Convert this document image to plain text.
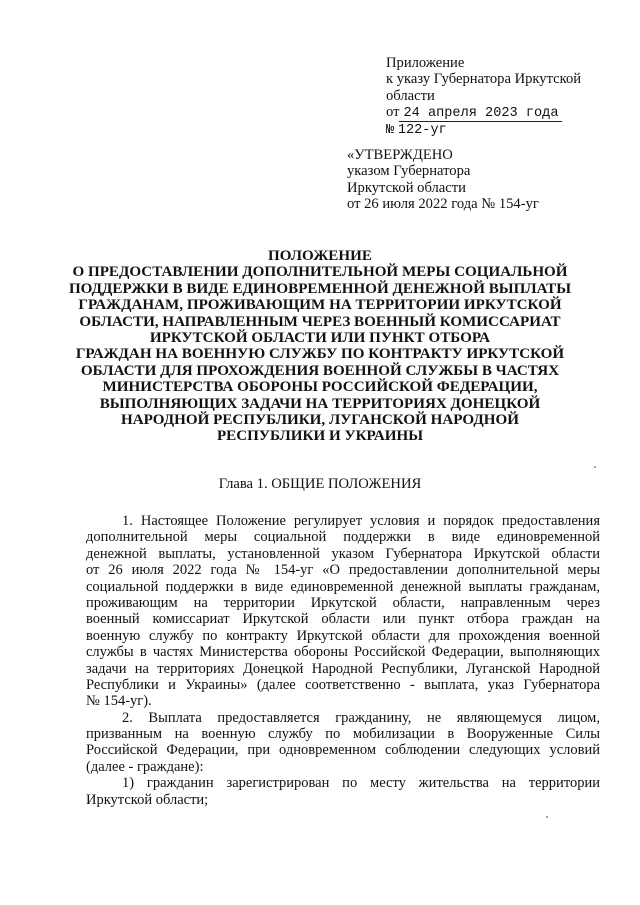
Приложение
к указу Губернатора Иркутской
области
от 24 апреля 2023 года
№ 122-уг
«УТВЕРЖДЕНО
указом Губернатора
Иркутской области
от 26 июля 2022 года № 154-уг
ПОЛОЖЕНИЕ
О ПРЕДОСТАВЛЕНИИ ДОПОЛНИТЕЛЬНОЙ МЕРЫ СОЦИАЛЬНОЙ
ПОДДЕРЖКИ В ВИДЕ ЕДИНОВРЕМЕННОЙ ДЕНЕЖНОЙ ВЫПЛАТЫ
ГРАЖДАНАМ, ПРОЖИВАЮЩИМ НА ТЕРРИТОРИИ ИРКУТСКОЙ
ОБЛАСТИ, НАПРАВЛЕННЫМ ЧЕРЕЗ ВОЕННЫЙ КОМИССАРИАТ
ИРКУТСКОЙ ОБЛАСТИ ИЛИ ПУНКТ ОТБОРА
ГРАЖДАН НА ВОЕННУЮ СЛУЖБУ ПО КОНТРАКТУ ИРКУТСКОЙ
ОБЛАСТИ ДЛЯ ПРОХОЖДЕНИЯ ВОЕННОЙ СЛУЖБЫ В ЧАСТЯХ
МИНИСТЕРСТВА ОБОРОНЫ РОССИЙСКОЙ ФЕДЕРАЦИИ,
ВЫПОЛНЯЮЩИХ ЗАДАЧИ НА ТЕРРИТОРИЯХ ДОНЕЦКОЙ
НАРОДНОЙ РЕСПУБЛИКИ, ЛУГАНСКОЙ НАРОДНОЙ
РЕСПУБЛИКИ И УКРАИНЫ
Глава 1. ОБЩИЕ ПОЛОЖЕНИЯ
1. Настоящее Положение регулирует условия и порядок предоставления
дополнительной меры социальной поддержки в виде единовременной
денежной выплаты, установленной указом Губернатора Иркутской области
от 26 июля 2022 года № 154-уг «О предоставлении дополнительной меры
социальной поддержки в виде единовременной денежной выплаты гражданам,
проживающим на территории Иркутской области, направленным через
военный комиссариат Иркутской области или пункт отбора граждан на
военную службу по контракту Иркутской области для прохождения военной
службы в частях Министерства обороны Российской Федерации, выполняющих
задачи на территориях Донецкой Народной Республики, Луганской Народной
Республики и Украины» (далее соответственно - выплата, указ Губернатора
№ 154-уг).
2. Выплата предоставляется гражданину, не являющемуся лицом,
призванным на военную службу по мобилизации в Вооруженные Силы
Российской Федерации, при одновременном соблюдении следующих условий
(далее - граждане):
1) гражданин зарегистрирован по месту жительства на территории
Иркутской области;
